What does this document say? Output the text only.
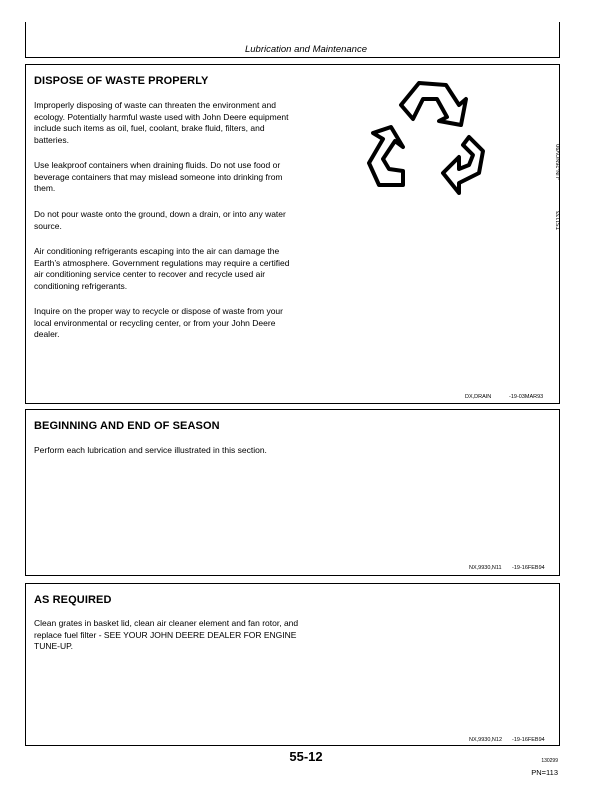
Lubrication and Maintenance
DISPOSE OF WASTE PROPERLY
Improperly disposing of waste can threaten the environment and ecology. Potentially harmful waste used with John Deere equipment include such items as oil, fuel, coolant, brake fluid, filters, and batteries.
Use leakproof containers when draining fluids. Do not use food or beverage containers that may mislead someone into drinking from them.
Do not pour waste onto the ground, down a drain, or into any water source.
Air conditioning refrigerants escaping into the air can damage the Earth’s atmosphere. Government regulations may require a certified air conditioning service center to recover and recycle used air conditioning refrigerants.
Inquire on the proper way to recycle or dispose of waste from your local environmental or recycling center, or from your John Deere dealer.
TS1133
-UN-26NOV90
DX,DRAIN	-19-03MAR93
BEGINNING AND END OF SEASON
Perform each lubrication and service illustrated in this section.
NX,9930,N11 -19-16FEB94
AS REQUIRED
Clean grates in basket lid, clean air cleaner element and fan rotor, and replace fuel filter - SEE YOUR JOHN DEERE DEALER FOR ENGINE TUNE-UP.
NX,9930,N12 -19-16FEB94
55-12	130299
PN=113
